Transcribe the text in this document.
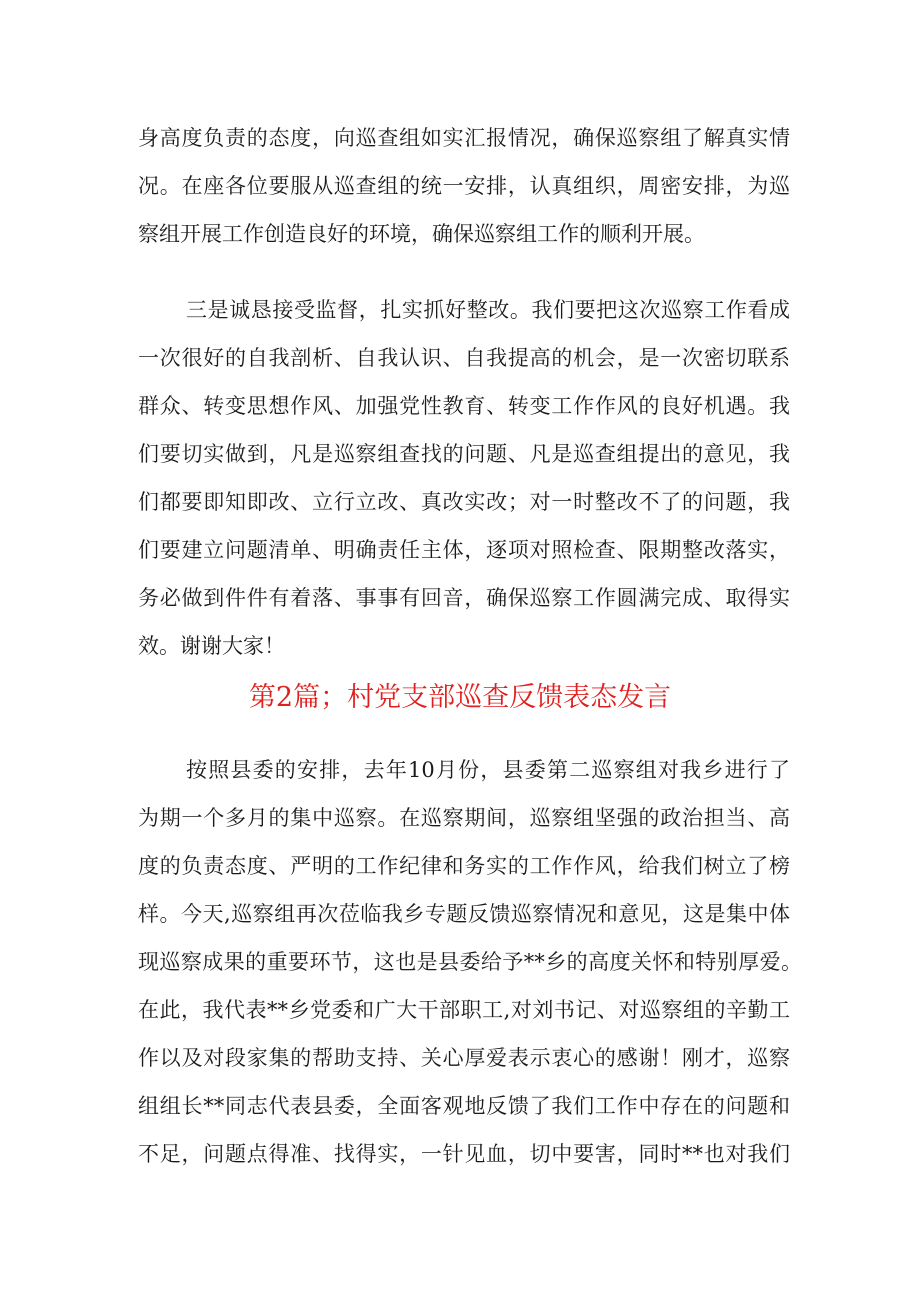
身高度负责的态度，向巡查组如实汇报情况，确保巡察组了解真实情
况。在座各位要服从巡查组的统一安排，认真组织，周密安排，为巡
察组开展工作创造良好的环境，确保巡察组工作的顺利开展。
三是诚恳接受监督，扎实抓好整改。我们要把这次巡察工作看成
一次很好的自我剖析、自我认识、自我提高的机会，是一次密切联系
群众、转变思想作风、加强党性教育、转变工作作风的良好机遇。我
们要切实做到，凡是巡察组查找的问题、凡是巡查组提出的意见，我
们都要即知即改、立行立改、真改实改；对一时整改不了的问题，我
们要建立问题清单、明确责任主体，逐项对照检查、限期整改落实，
务必做到件件有着落、事事有回音，确保巡察工作圆满完成、取得实
效。谢谢大家！
第2篇；村党支部巡查反馈表态发言
按照县委的安排，去年10月份，县委第二巡察组对我乡进行了
为期一个多月的集中巡察。在巡察期间，巡察组坚强的政治担当、高
度的负责态度、严明的工作纪律和务实的工作作风，给我们树立了榜
样。今天,巡察组再次莅临我乡专题反馈巡察情况和意见，这是集中体
现巡察成果的重要环节，这也是县委给予**乡的高度关怀和特别厚爱。
在此，我代表**乡党委和广大干部职工,对刘书记、对巡察组的辛勤工
作以及对段家集的帮助支持、关心厚爱表示衷心的感谢！刚才，巡察
组组长**同志代表县委，全面客观地反馈了我们工作中存在的问题和
不足，问题点得准、找得实，一针见血，切中要害，同时**也对我们
